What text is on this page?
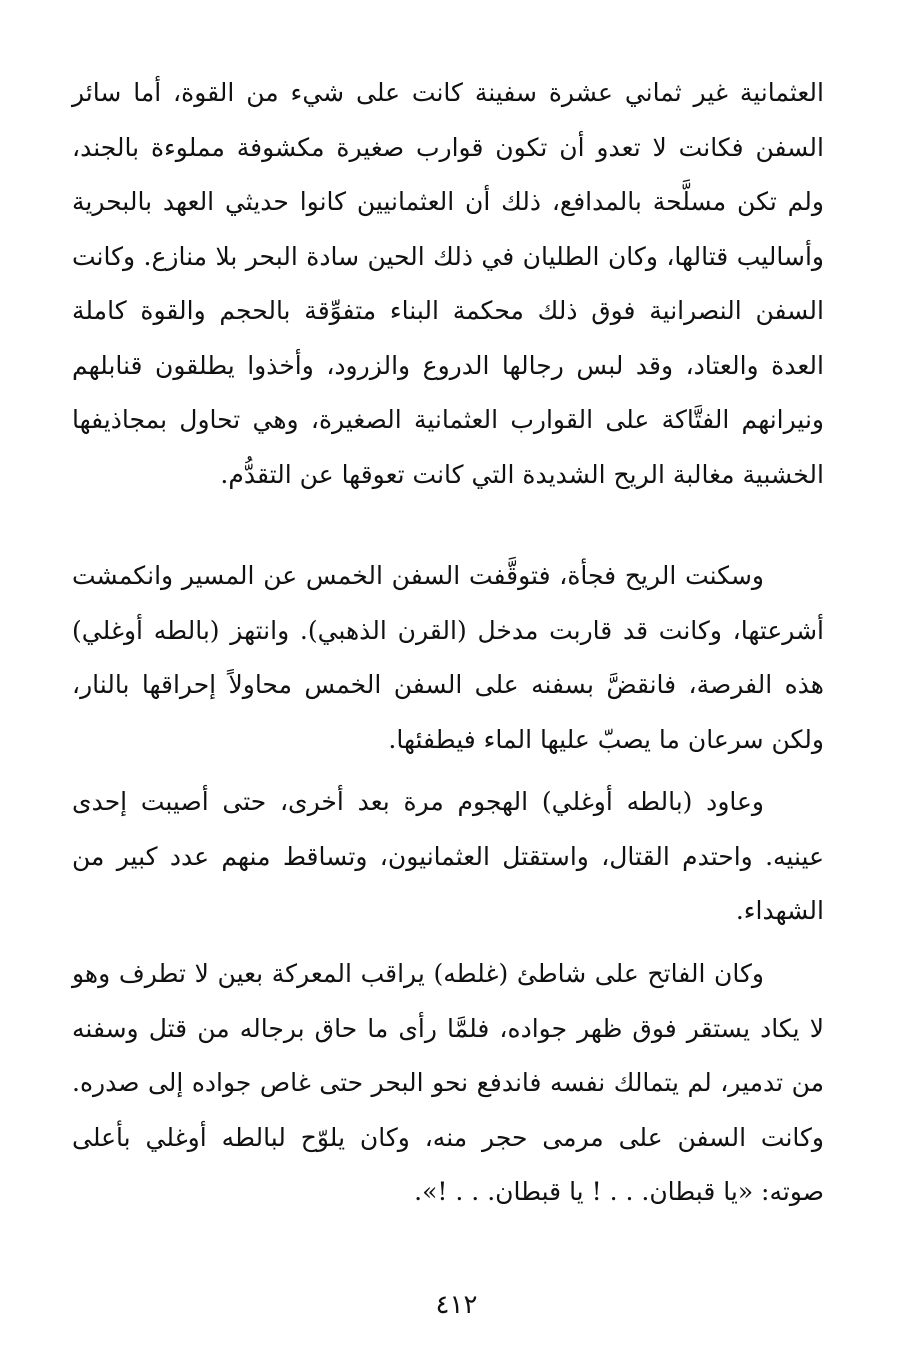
العثمانية غير ثماني عشرة سفينة كانت على شيء من القوة، أما سائر السفن فكانت لا تعدو أن تكون قوارب صغيرة مكشوفة مملوءة بالجند، ولم تكن مسلَّحة بالمدافع، ذلك أن العثمانيين كانوا حديثي العهد بالبحرية وأساليب قتالها، وكان الطليان في ذلك الحين سادة البحر بلا منازع. وكانت السفن النصرانية فوق ذلك محكمة البناء متفوِّقة بالحجم والقوة كاملة العدة والعتاد، وقد لبس رجالها الدروع والزرود، وأخذوا يطلقون قنابلهم ونيرانهم الفتَّاكة على القوارب العثمانية الصغيرة، وهي تحاول بمجاذيفها الخشبية مغالبة الريح الشديدة التي كانت تعوقها عن التقدُّم.

وسكنت الريح فجأة، فتوقَّفت السفن الخمس عن المسير وانكمشت أشرعتها، وكانت قد قاربت مدخل (القرن الذهبي). وانتهز (بالطه أوغلي) هذه الفرصة، فانقضَّ بسفنه على السفن الخمس محاولاً إحراقها بالنار، ولكن سرعان ما يصبّ عليها الماء فيطفئها.

وعاود (بالطه أوغلي) الهجوم مرة بعد أخرى، حتى أصيبت إحدى عينيه. واحتدم القتال، واستقتل العثمانيون، وتساقط منهم عدد كبير من الشهداء.

وكان الفاتح على شاطئ (غلطه) يراقب المعركة بعين لا تطرف وهو لا يكاد يستقر فوق ظهر جواده، فلمَّا رأى ما حاق برجاله من قتل وسفنه من تدمير، لم يتمالك نفسه فاندفع نحو البحر حتى غاص جواده إلى صدره. وكانت السفن على مرمى حجر منه، وكان يلوّح لبالطه أوغلي بأعلى صوته: «يا قبطان. . . ! يا قبطان. . . !».

٤١٢
